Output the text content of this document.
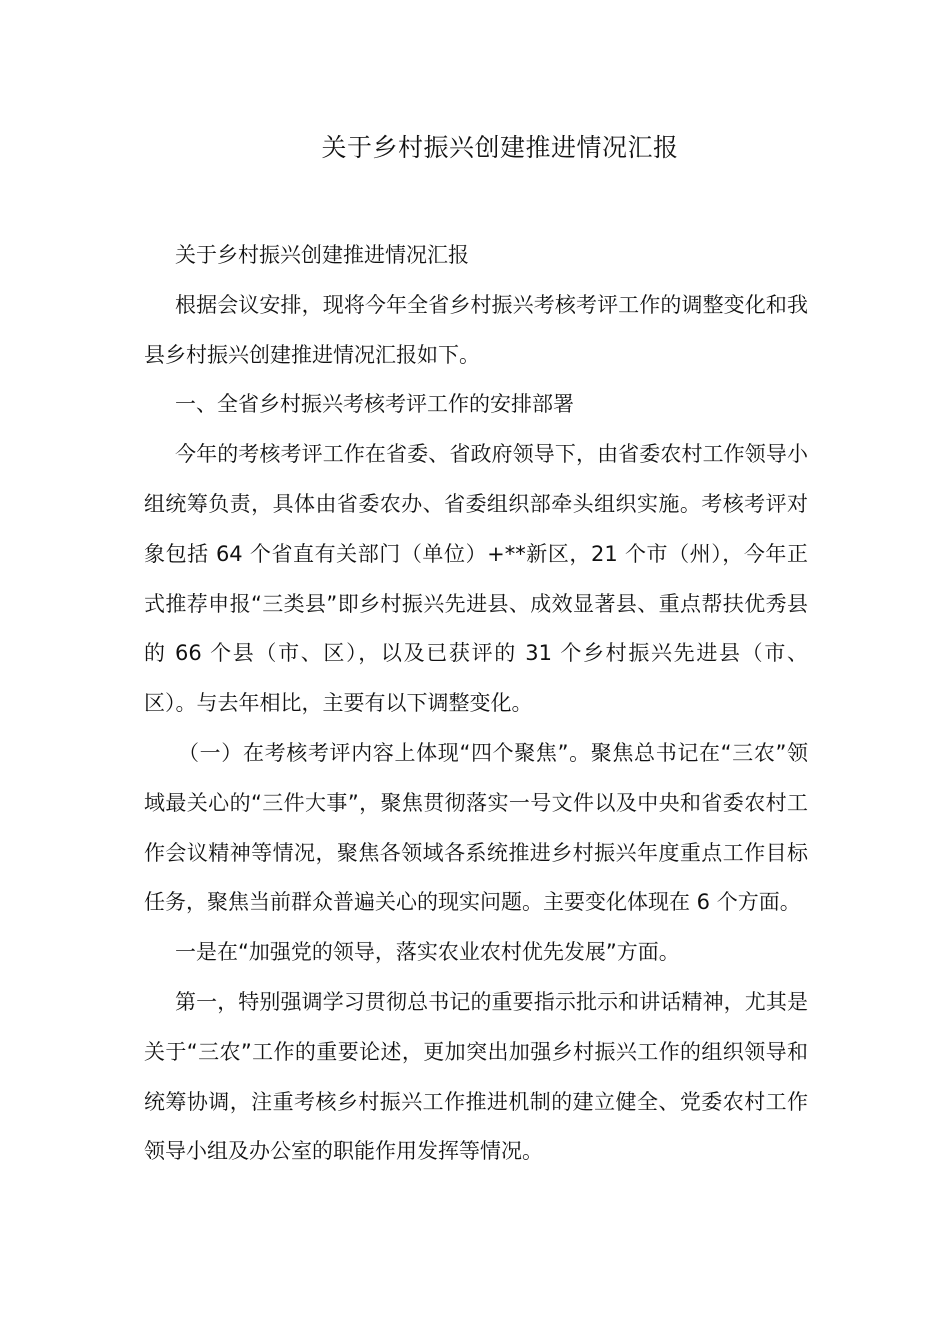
关于乡村振兴创建推进情况汇报

关于乡村振兴创建推进情况汇报

根据会议安排，现将今年全省乡村振兴考核考评工作的调整变化和我县乡村振兴创建推进情况汇报如下。

一、全省乡村振兴考核考评工作的安排部署

今年的考核考评工作在省委、省政府领导下，由省委农村工作领导小组统筹负责，具体由省委农办、省委组织部牵头组织实施。考核考评对象包括 64 个省直有关部门（单位）+**新区，21 个市（州），今年正式推荐申报“三类县”即乡村振兴先进县、成效显著县、重点帮扶优秀县的 66 个县（市、区），以及已获评的 31 个乡村振兴先进县（市、区）。与去年相比，主要有以下调整变化。

（一）在考核考评内容上体现“四个聚焦”。聚焦总书记在“三农”领域最关心的“三件大事”，聚焦贯彻落实一号文件以及中央和省委农村工作会议精神等情况，聚焦各领域各系统推进乡村振兴年度重点工作目标任务，聚焦当前群众普遍关心的现实问题。主要变化体现在 6 个方面。

一是在“加强党的领导，落实农业农村优先发展”方面。

第一，特别强调学习贯彻总书记的重要指示批示和讲话精神，尤其是关于“三农”工作的重要论述，更加突出加强乡村振兴工作的组织领导和统筹协调，注重考核乡村振兴工作推进机制的建立健全、党委农村工作领导小组及办公室的职能作用发挥等情况。
